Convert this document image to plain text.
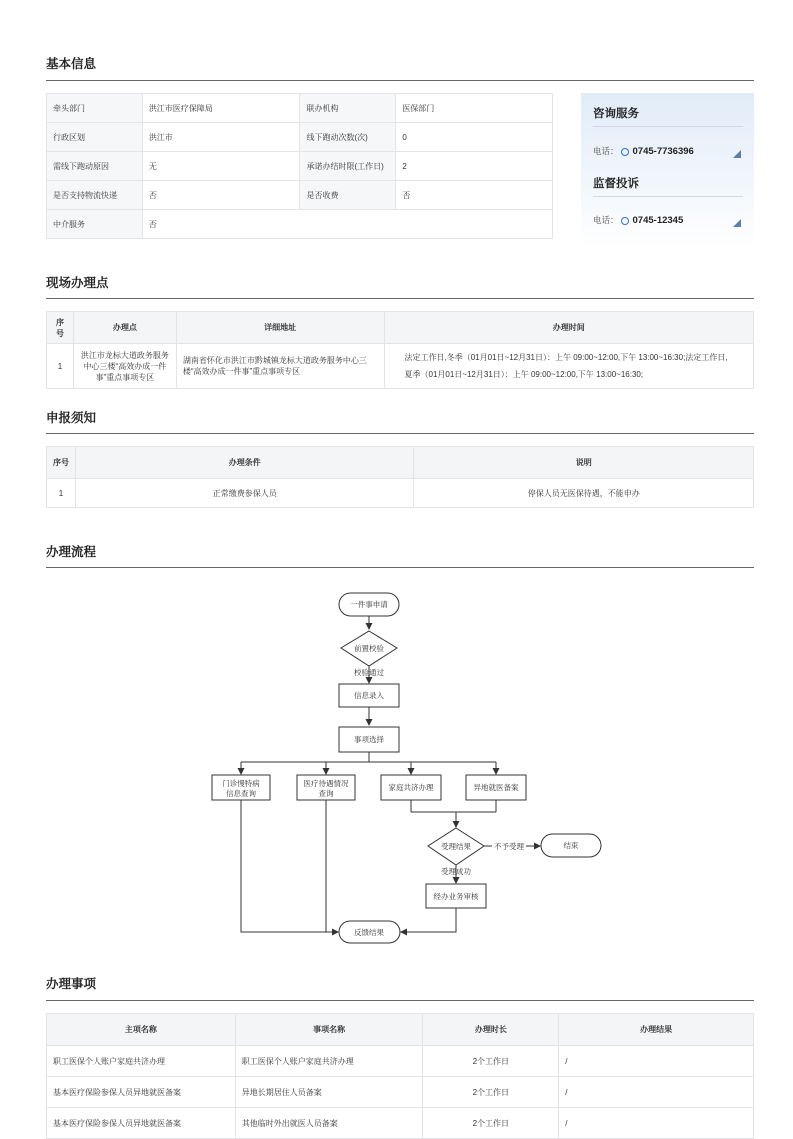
基本信息
牵头部门	洪江市医疗保障局	联办机构	医保部门
行政区划	洪江市	线下跑动次数(次)	0
需线下跑动原因	无	承诺办结时限(工作日)	2
是否支持物流快递	否	是否收费	否
中介服务	否		
咨询服务
电话： 0745-7736396
监督投诉
电话： 0745-12345
现场办理点
序号	办理点	详细地址	办理时间
1	洪江市龙标大道政务服务中心三楼“高效办成一件事”重点事项专区	湖南省怀化市洪江市黔城镇龙标大道政务服务中心三楼“高效办成一件事”重点事项专区	法定工作日,冬季（01月01日~12月31日）：上午 09:00~12:00,下午 13:00~16:30;法定工作日,夏季（01月01日~12月31日）：上午 09:00~12:00,下午 13:00~16:30;
申报须知
序号	办理条件	说明
1	正常缴费参保人员	停保人员无医保待遇，不能申办
办理流程
一件事申请
前置校验
校验通过
信息录入
事项选择
门诊慢特病信息查询
医疗待遇情况查询
家庭共济办理	异地就医备案
受理结果	不予受理	结束
受理成功
经办业务审核
反馈结果
办理事项
主项名称	事项名称	办理时长	办理结果
职工医保个人账户家庭共济办理	职工医保个人账户家庭共济办理	2个工作日	/
基本医疗保险参保人员异地就医备案	异地长期居住人员备案	2个工作日	/
基本医疗保险参保人员异地就医备案	其他临时外出就医人员备案	2个工作日	/
